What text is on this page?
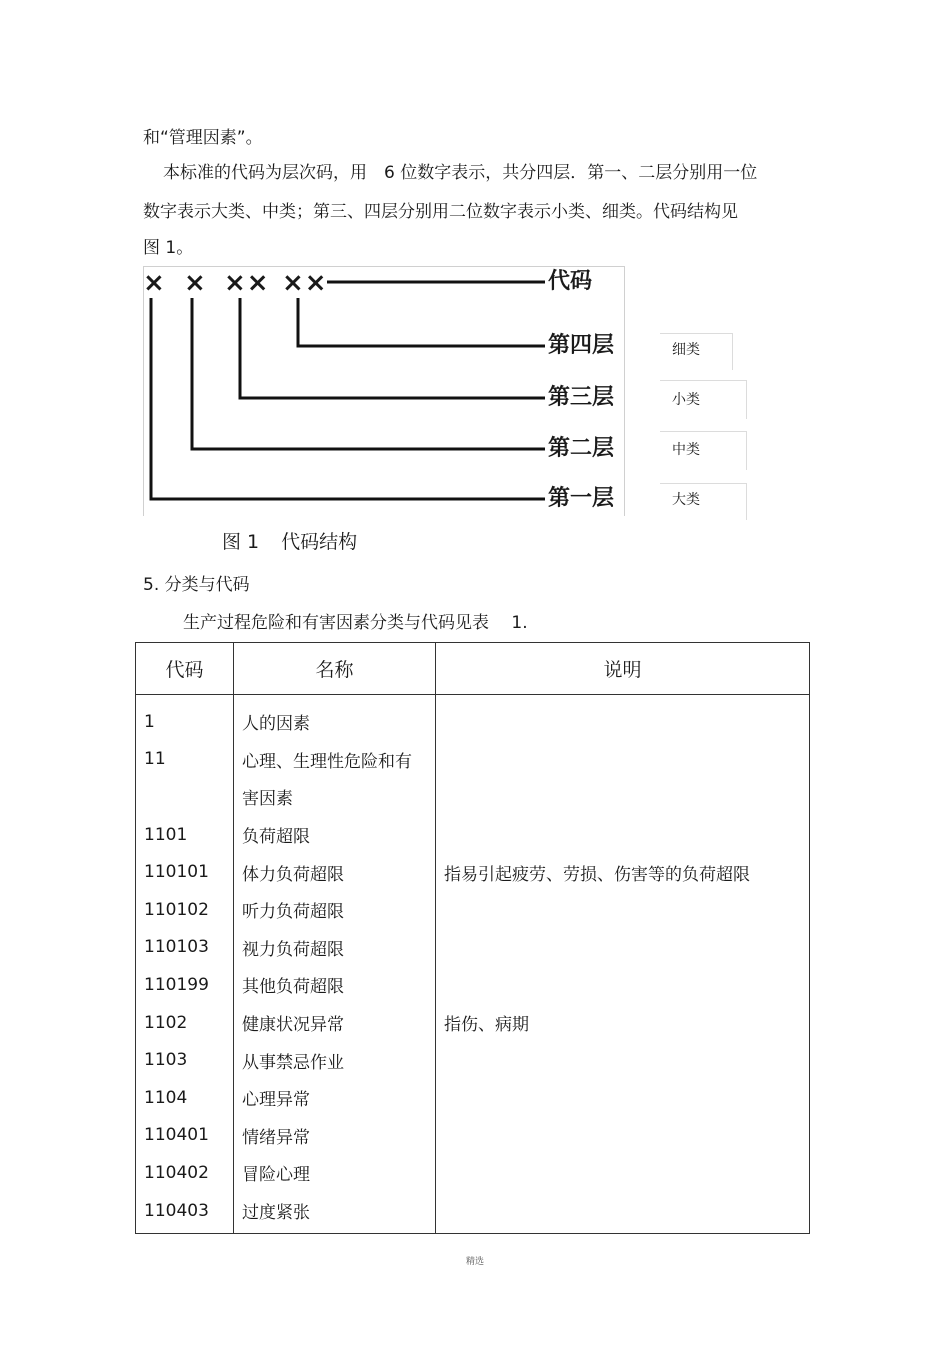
和“管理因素”。
本标准的代码为层次码，用　6 位数字表示，共分四层．第一、二层分别用一位
数字表示大类、中类；第三、四层分别用二位数字表示小类、细类。代码结构见
图 1。
× × ×× ××	代码
第四层
第三层
第二层
第一层
细类
小类
中类
大类
图 1 代码结构
5. 分类与代码
生产过程危险和有害因素分类与代码见表　 1.
代码	名称	说明
1	人的因素	
11	心理、生理性危险和有	
	害因素	
1101	负荷超限	
110101	体力负荷超限	指易引起疲劳、劳损、伤害等的负荷超限
110102	听力负荷超限	
110103	视力负荷超限	
110199	其他负荷超限	
1102	健康状况异常	指伤、病期
1103	从事禁忌作业	
1104	心理异常	
110401	情绪异常	
110402	冒险心理	
110403	过度紧张	
精选
